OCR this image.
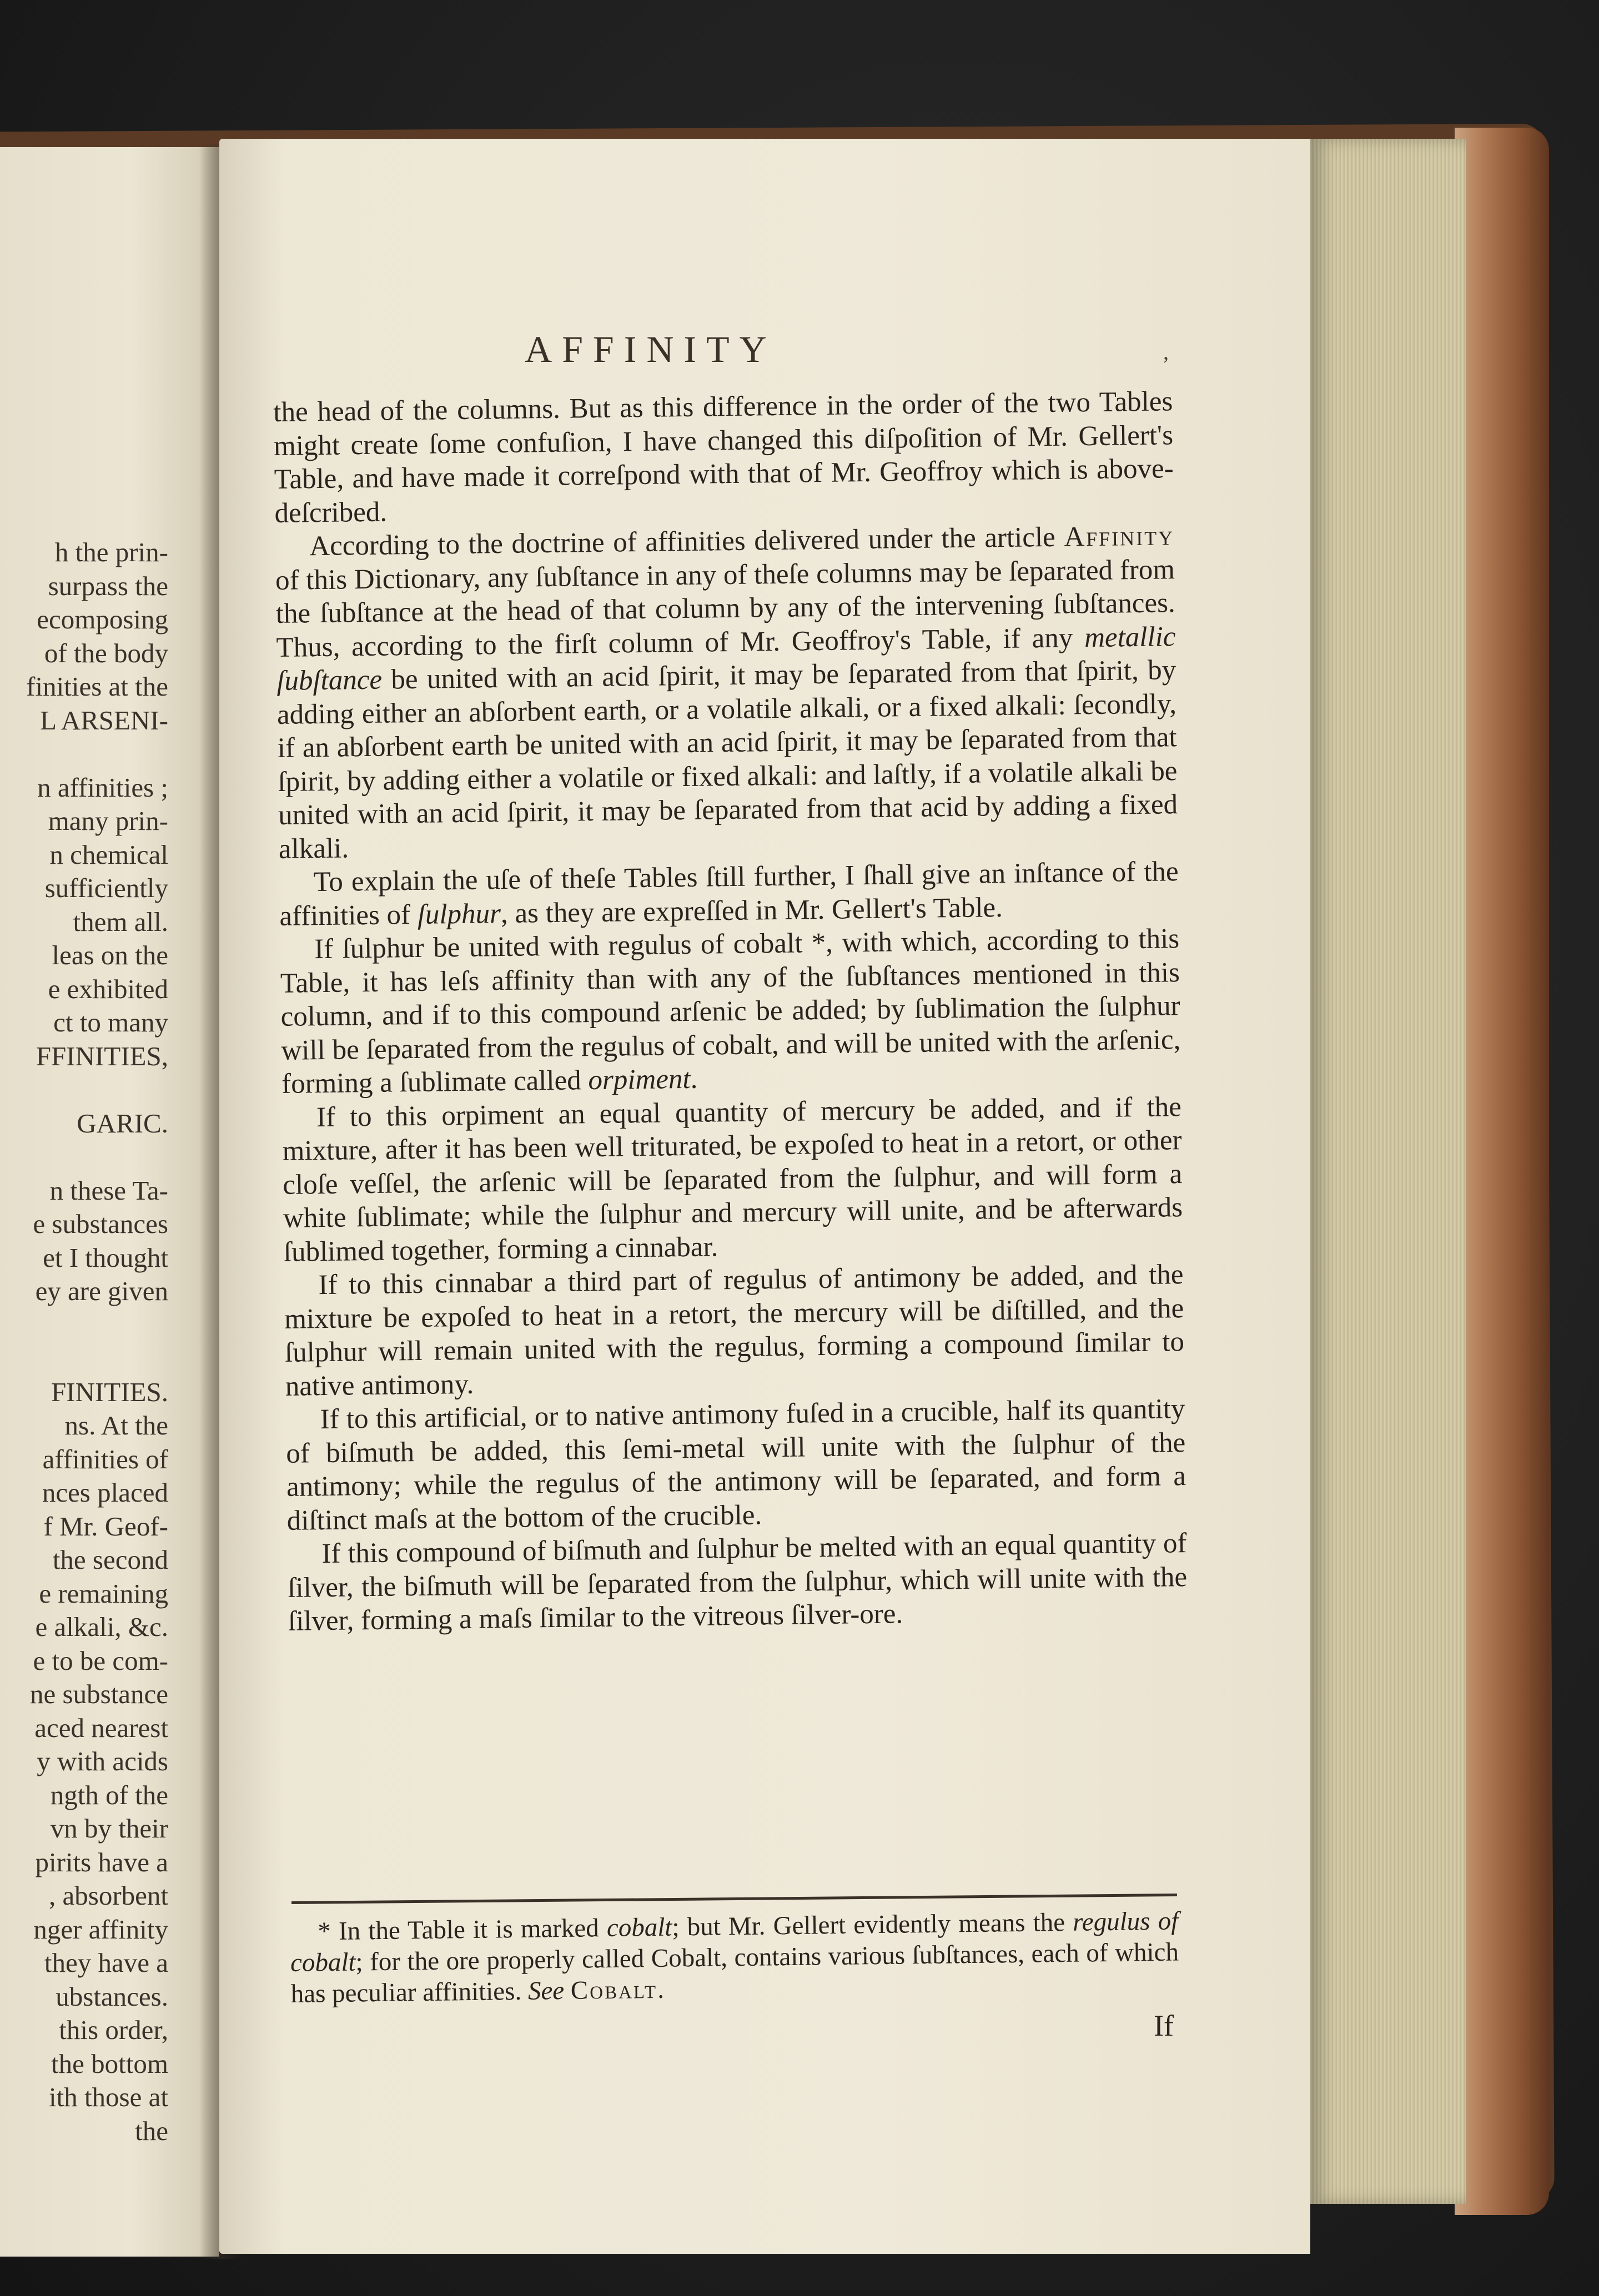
h the prin-
surpass the
ecomposing
of the body
finities at the
L ARSENI-
n affinities ;
many prin-
n chemical
sufficiently
them all.
leas on the
e exhibited
ct to many
FFINITIES,
GARIC.
n these Ta-
e substances
et I thought
ey are given
FINITIES.
ns. At the
affinities of
nces placed
f Mr. Geof-
the second
e remaining
e alkali, &c.
e to be com-
ne substance
aced nearest
y with acids
ngth of the
vn by their
pirits have a
, absorbent
nger affinity
they have a
ubstances.
this order,
the bottom
ith those at
the
AFFINITY	,

the head of the columns. But as this difference in the order of the two Tables might create ſome confuſion, I have changed this diſpoſition of Mr. Gellert's Table, and have made it correſpond with that of Mr. Geoffroy which is above-deſcribed.

According to the doctrine of affinities delivered under the article Affinity of this Dictionary, any ſubſtance in any of theſe columns may be ſeparated from the ſubſtance at the head of that column by any of the intervening ſubſtances. Thus, according to the firſt column of Mr. Geoffroy's Table, if any metallic ſubſtance be united with an acid ſpirit, it may be ſeparated from that ſpirit, by adding either an abſorbent earth, or a volatile alkali, or a fixed alkali: ſecondly, if an abſorbent earth be united with an acid ſpirit, it may be ſeparated from that ſpirit, by adding either a volatile or fixed alkali: and laſtly, if a volatile alkali be united with an acid ſpirit, it may be ſeparated from that acid by adding a fixed alkali.

To explain the uſe of theſe Tables ſtill further, I ſhall give an inſtance of the affinities of ſulphur, as they are expreſſed in Mr. Gellert's Table.

If ſulphur be united with regulus of cobalt *, with which, according to this Table, it has leſs affinity than with any of the ſubſtances mentioned in this column, and if to this compound arſenic be added; by ſublimation the ſulphur will be ſeparated from the regulus of cobalt, and will be united with the arſenic, forming a ſublimate called orpiment.

If to this orpiment an equal quantity of mercury be added, and if the mixture, after it has been well triturated, be expoſed to heat in a retort, or other cloſe veſſel, the arſenic will be ſeparated from the ſulphur, and will form a white ſublimate; while the ſulphur and mercury will unite, and be afterwards ſublimed together, forming a cinnabar.

If to this cinnabar a third part of regulus of antimony be added, and the mixture be expoſed to heat in a retort, the mercury will be diſtilled, and the ſulphur will remain united with the regulus, forming a compound ſimilar to native antimony.

If to this artificial, or to native antimony fuſed in a crucible, half its quantity of biſmuth be added, this ſemi-metal will unite with the ſulphur of the antimony; while the regulus of the antimony will be ſeparated, and form a diſtinct maſs at the bottom of the crucible.

If this compound of biſmuth and ſulphur be melted with an equal quantity of ſilver, the biſmuth will be ſeparated from the ſulphur, which will unite with the ſilver, forming a maſs ſimilar to the vitreous ſilver-ore.

* In the Table it is marked cobalt; but Mr. Gellert evidently means the regulus of cobalt; for the ore properly called Cobalt, contains various ſubſtances, each of which has peculiar affinities. See Cobalt.

If
